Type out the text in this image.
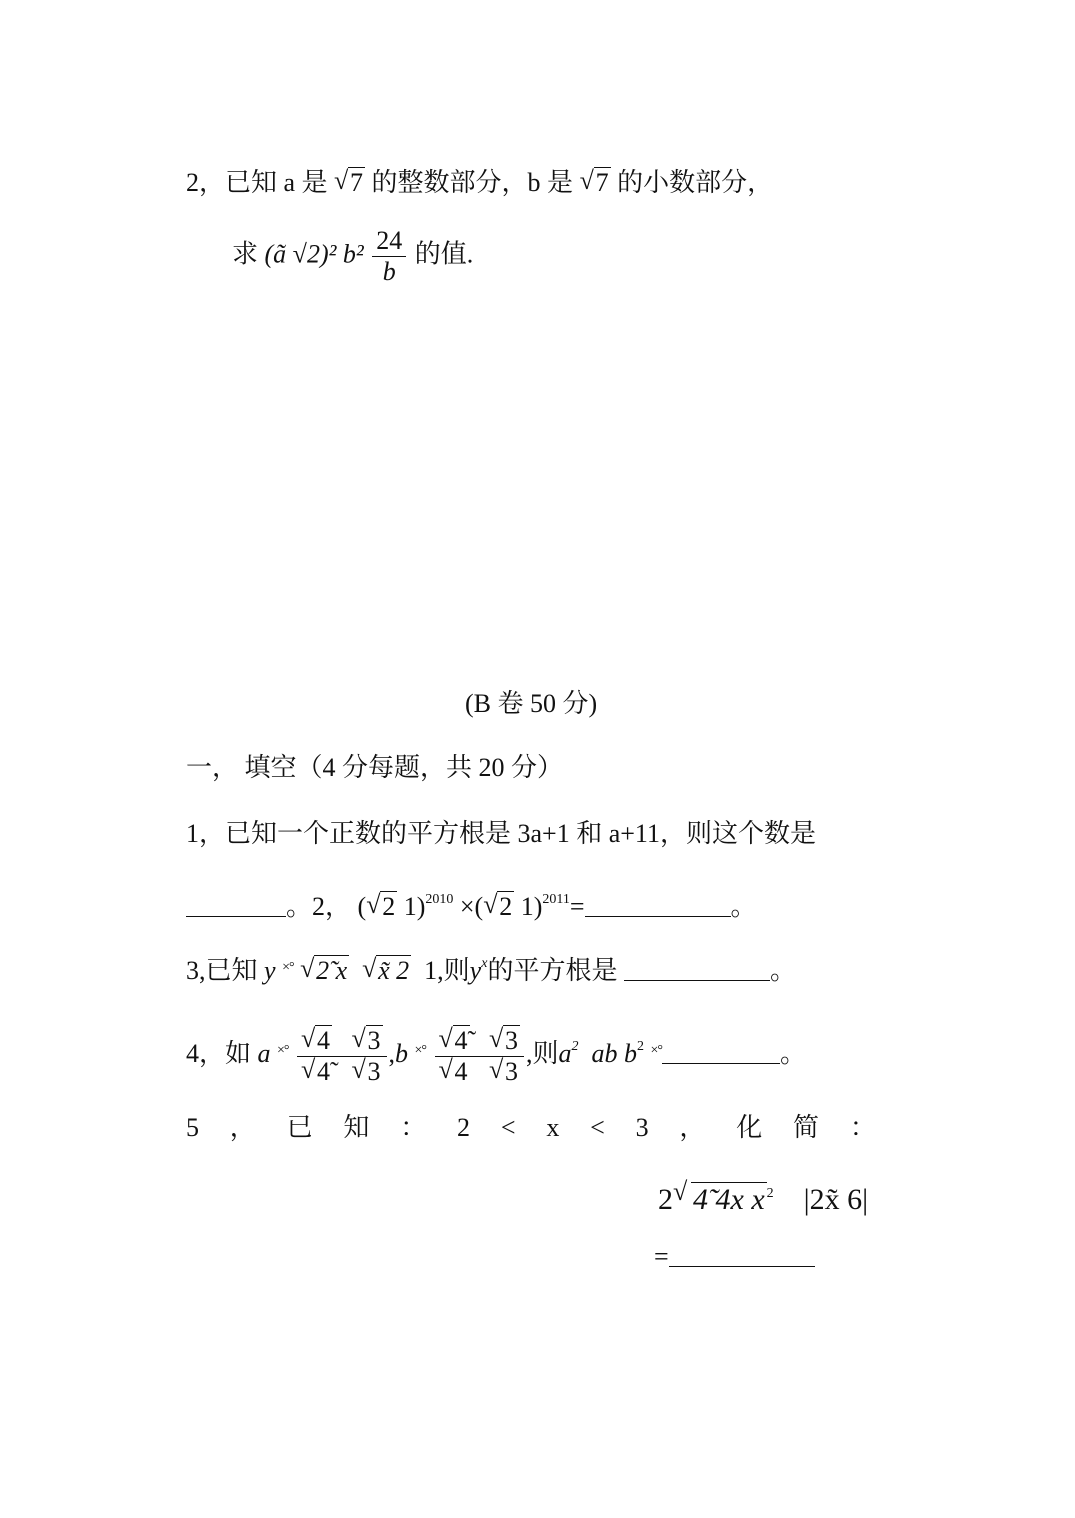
2，已知 a 是 √ 7 的整数部分，b 是 √ 7 的小数部分，
求 (ã √2)² $b^2 \frac{24}{b}$ 的值.
(B 卷 50 分)
一， 填空（4 分每题，共 20 分）
1，已知一个正数的平方根是 3a+1 和 a+11，则这个数是
。2， ( √ 2 1)$^{2010}$ ×( √ 2 1)$^{2011}$=	。
3,已知 y ×° √ 2̃ x √ x̃ 2 1,则$y^x$的平方根是	。
4，如 a ×° √ 4 √ 3
√ 4̃ √ 3 ,b ×° √ 4̃ √ 3
√ 4 √ 3 ,则$a^2$ ab $b^2$ ×°	。
5 ， 已 知 ： 2 < x < 3 ， 化 简 ：
2 √ 4̃ 4x x $^2$ |2x̃ 6|
=
